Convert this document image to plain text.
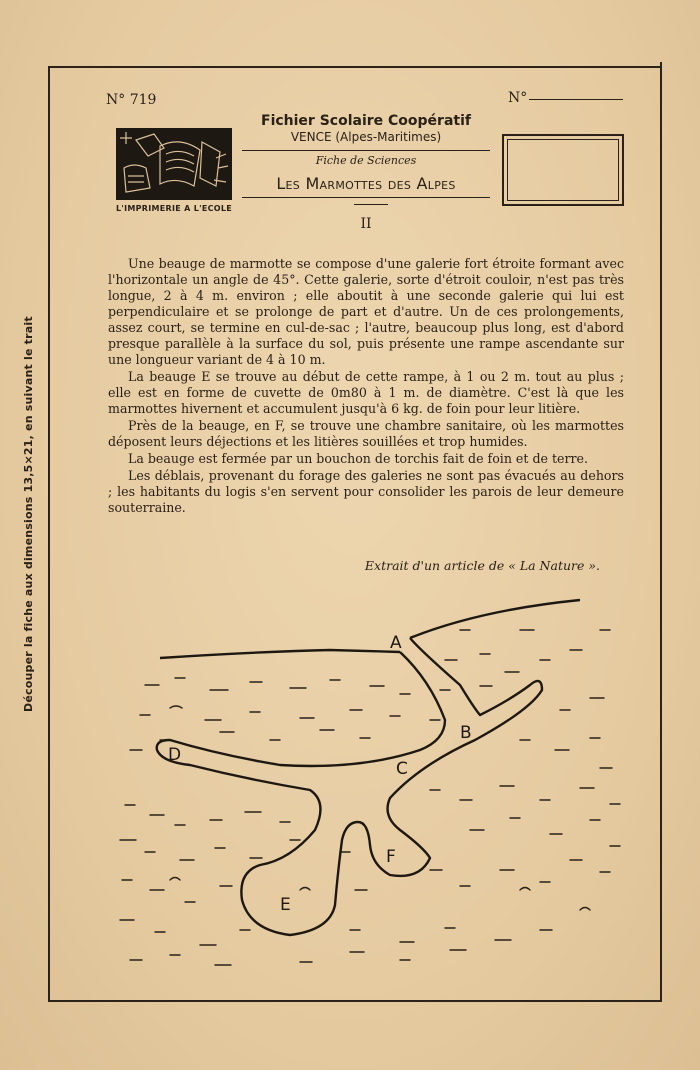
Découper la fiche aux dimensions 13,5×21, en suivant le trait
N° 719	N°
L'IMPRIMERIE A L'ECOLE
Fichier Scolaire Coopératif
VENCE (Alpes-Maritimes)
Fiche de Sciences
Les Marmottes des Alpes
II

Une beauge de marmotte se compose d'une galerie fort étroite formant avec l'horizontale un angle de 45°. Cette galerie, sorte d'étroit couloir, n'est pas très longue, 2 à 4 m. environ ; elle aboutit à une seconde galerie qui lui est perpendiculaire et se prolonge de part et d'autre. Un de ces prolongements, assez court, se termine en cul-de-sac ; l'autre, beaucoup plus long, est d'abord presque parallèle à la surface du sol, puis présente une rampe ascendante sur une longueur variant de 4 à 10 m.

La beauge E se trouve au début de cette rampe, à 1 ou 2 m. tout au plus ; elle est en forme de cuvette de 0m80 à 1 m. de diamètre. C'est là que les marmottes hivernent et accumulent jusqu'à 6 kg. de foin pour leur litière.

Près de la beauge, en F, se trouve une chambre sanitaire, où les marmottes déposent leurs déjections et les litières souillées et trop humides.

La beauge est fermée par un bouchon de torchis fait de foin et de terre.

Les déblais, provenant du forage des galeries ne sont pas évacués au dehors ; les habitants du logis s'en servent pour consolider les parois de leur demeure souterraine.

Extrait d'un article de « La Nature ».
A
B
C
D
E
F
